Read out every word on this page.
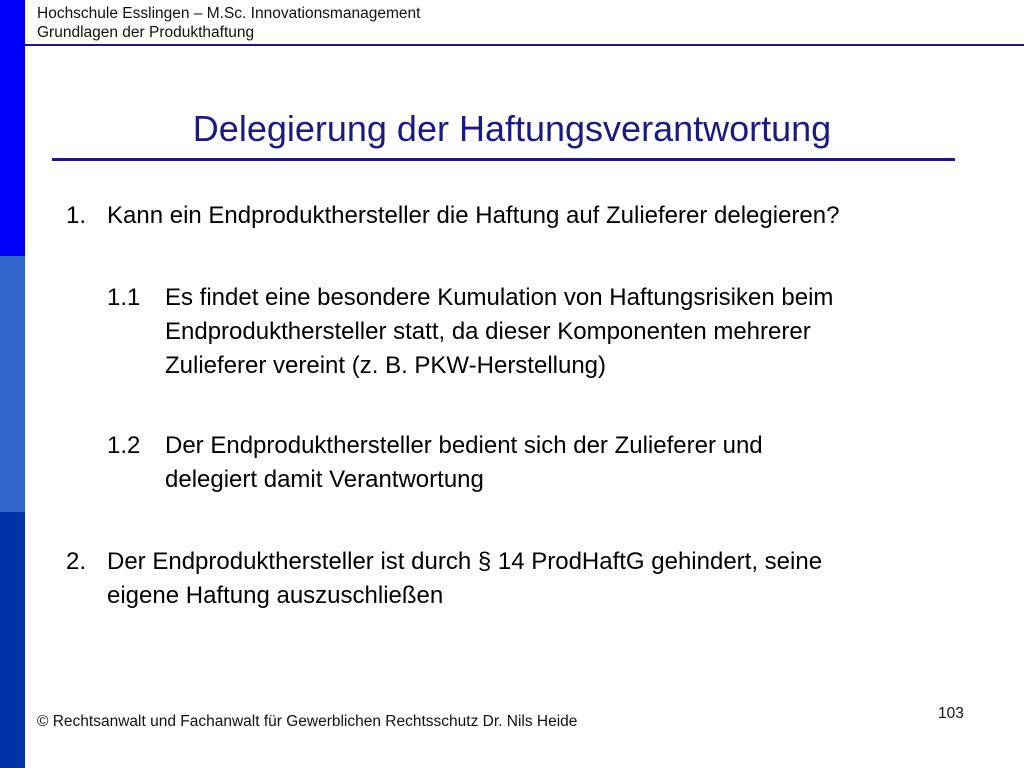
Hochschule Esslingen – M.Sc. Innovationsmanagement
Grundlagen der Produkthaftung
Delegierung der Haftungsverantwortung
1. Kann ein Endprodukthersteller die Haftung auf Zulieferer delegieren?
1.1 Es findet eine besondere Kumulation von Haftungsrisiken beim
Endprodukthersteller statt, da dieser Komponenten mehrerer
Zulieferer vereint (z. B. PKW-Herstellung)
1.2 Der Endprodukthersteller bedient sich der Zulieferer und
delegiert damit Verantwortung
2. Der Endprodukthersteller ist durch § 14 ProdHaftG gehindert, seine
eigene Haftung auszuschließen
© Rechtsanwalt und Fachanwalt für Gewerblichen Rechtsschutz Dr. Nils Heide	103
